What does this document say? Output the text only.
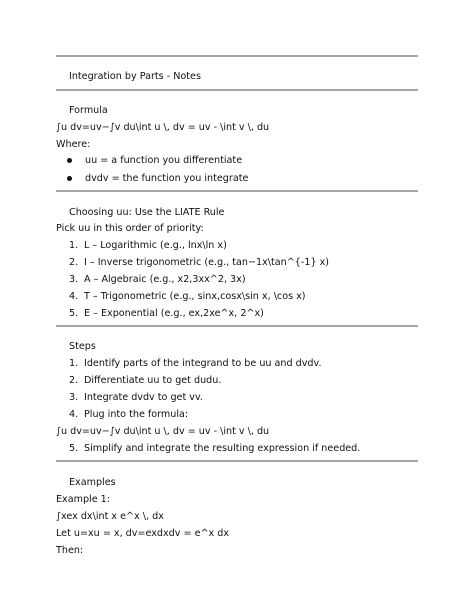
Integration by Parts - Notes
Formula
∫u dv=uv−∫v du\int u \, dv = uv - \int v \, du
Where:
uu = a function you differentiate
dvdv = the function you integrate
Choosing uu: Use the LIATE Rule
Pick uu in this order of priority:
1. L – Logarithmic (e.g., lnx\ln x)
2. I – Inverse trigonometric (e.g., tan−1x\tan^{-1} x)
3. A – Algebraic (e.g., x2,3xx^2, 3x)
4. T – Trigonometric (e.g., sinx,cosx\sin x, \cos x)
5. E – Exponential (e.g., ex,2xe^x, 2^x)
Steps
1. Identify parts of the integrand to be uu and dvdv.
2. Differentiate uu to get dudu.
3. Integrate dvdv to get vv.
4. Plug into the formula:
∫u dv=uv−∫v du\int u \, dv = uv - \int v \, du
5. Simplify and integrate the resulting expression if needed.
Examples
Example 1:
∫xex dx\int x e^x \, dx
Let u=xu = x, dv=exdxdv = e^x dx
Then:
